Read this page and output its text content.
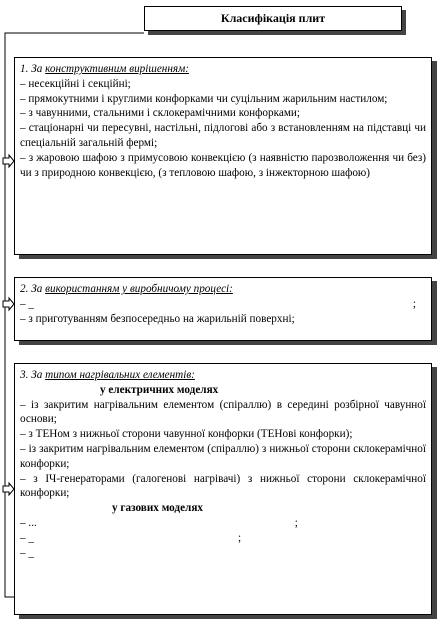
Класифікація плит
1. За конструктивним вирішенням:
– несекційні і секційні;
– прямокутними і круглими конфорками чи суцільним жарильним настилом;
– з чавунними, стальними і склокерамічними конфорками;
– стаціонарні чи пересувні, настільні, підлогові або з встановленням на підставці чи спеціальній загальній фермі;
– з жаровою шафою з примусовою конвекцією (з наявністю парозволоження чи без) чи з природною конвекцією, (з тепловою шафою, з інжекторною шафою)
2. За використанням у виробничому процесі:
– _	;
– з приготуванням безпосередньо на жарильній поверхні;
3. За типом нагрівальних елементів:
у електричних моделях
– із закритим нагрівальним елементом (спіраллю) в середині розбірної чавунної основи;
– з ТЕНом з нижньої сторони чавунної конфорки (ТЕНові конфорки);
– із закритим нагрівальним елементом (спіраллю) з нижньої сторони склокерамічної конфорки;
– з ІЧ-генераторами (галогенові нагрівачі) з нижньої сторони склокерамічної конфорки;
у газових моделях
– ...	;
– _	;
– _
